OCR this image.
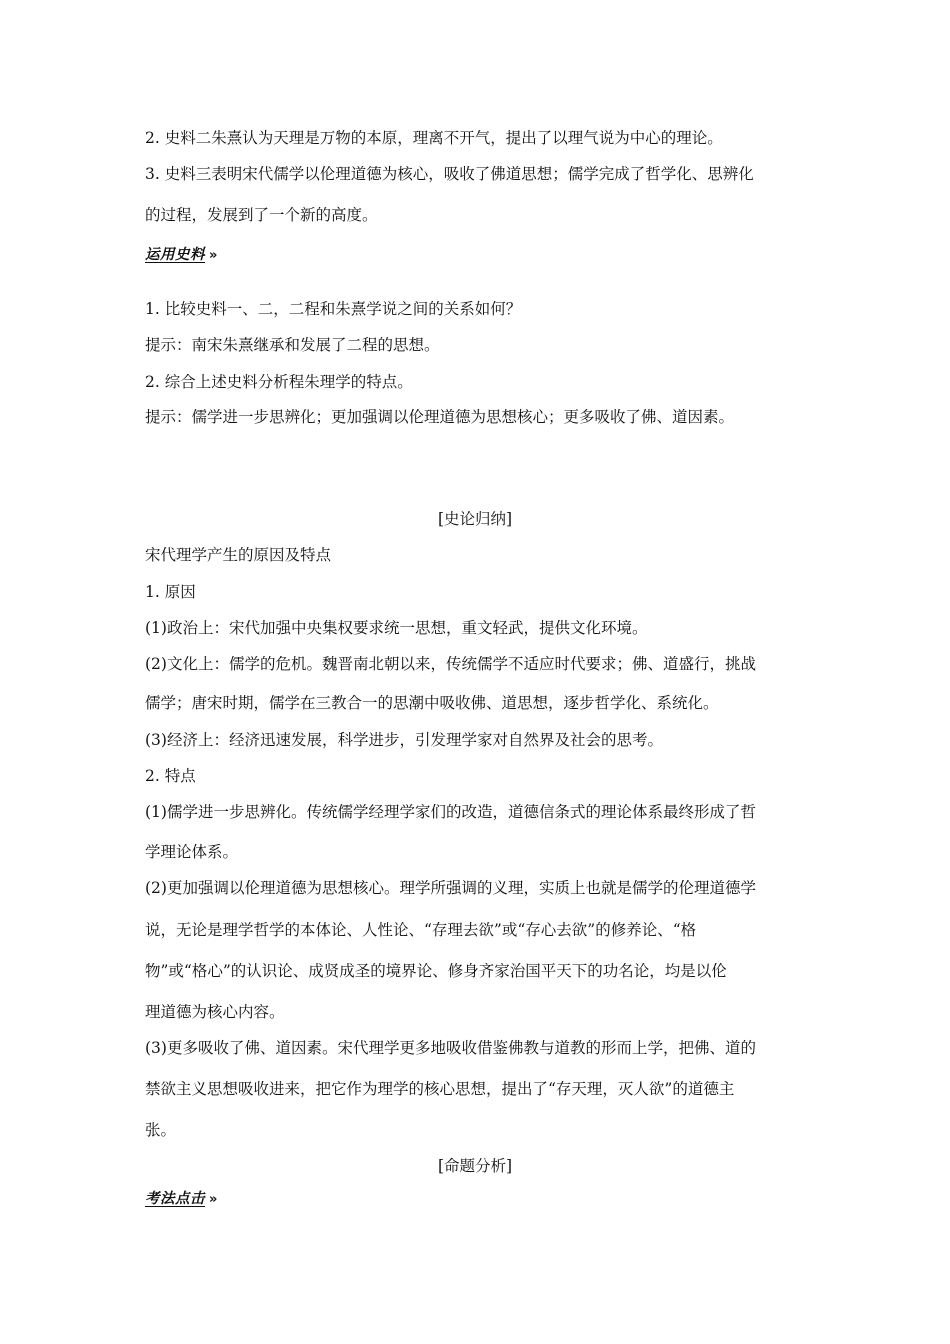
2. 史料二朱熹认为天理是万物的本原，理离不开气，提出了以理气说为中心的理论。
3. 史料三表明宋代儒学以伦理道德为核心，吸收了佛道思想；儒学完成了哲学化、思辨化
的过程，发展到了一个新的高度。
运用史料 »
1. 比较史料一、二，二程和朱熹学说之间的关系如何？
提示：南宋朱熹继承和发展了二程的思想。
2. 综合上述史料分析程朱理学的特点。
提示：儒学进一步思辨化；更加强调以伦理道德为思想核心；更多吸收了佛、道因素。
[史论归纳]
宋代理学产生的原因及特点
1. 原因
(1)政治上：宋代加强中央集权要求统一思想，重文轻武，提供文化环境。
(2)文化上：儒学的危机。魏晋南北朝以来，传统儒学不适应时代要求；佛、道盛行，挑战
儒学；唐宋时期，儒学在三教合一的思潮中吸收佛、道思想，逐步哲学化、系统化。
(3)经济上：经济迅速发展，科学进步，引发理学家对自然界及社会的思考。
2. 特点
(1)儒学进一步思辨化。传统儒学经理学家们的改造，道德信条式的理论体系最终形成了哲
学理论体系。
(2)更加强调以伦理道德为思想核心。理学所强调的义理，实质上也就是儒学的伦理道德学
说，无论是理学哲学的本体论、人性论、“存理去欲”或“存心去欲”的修养论、“格
物”或“格心”的认识论、成贤成圣的境界论、修身齐家治国平天下的功名论，均是以伦
理道德为核心内容。
(3)更多吸收了佛、道因素。宋代理学更多地吸收借鉴佛教与道教的形而上学，把佛、道的
禁欲主义思想吸收进来，把它作为理学的核心思想，提出了“存天理，灭人欲”的道德主
张。
[命题分析]
考法点击 »
